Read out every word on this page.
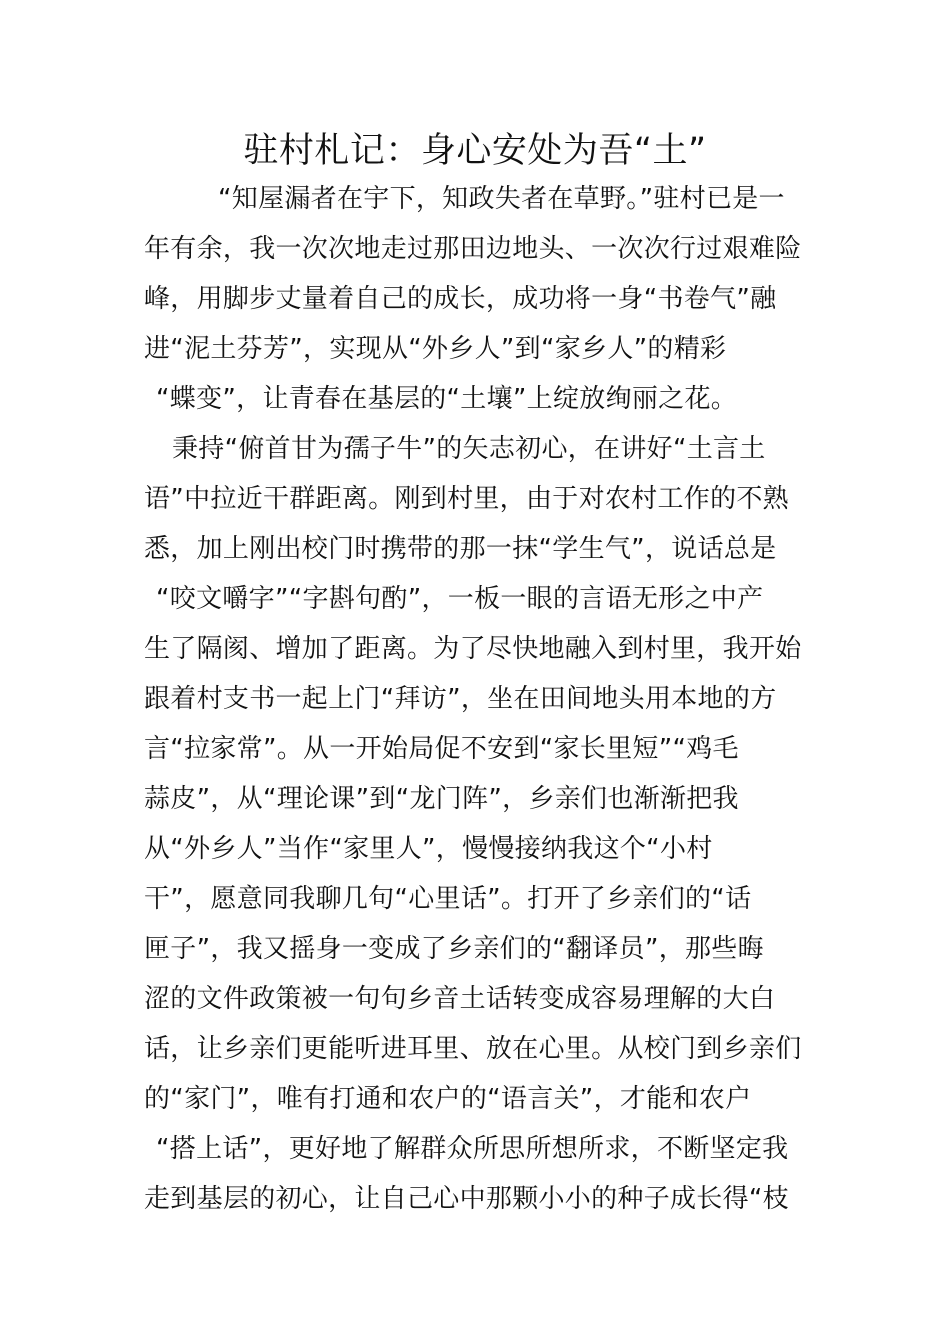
驻村札记：身心安处为吾“土”
“知屋漏者在宇下，知政失者在草野。”驻村已是一
年有余，我一次次地走过那田边地头、一次次行过艰难险
峰，用脚步丈量着自己的成长，成功将一身“书卷气”融
进“泥土芬芳”，实现从“外乡人”到“家乡人”的精彩
“蝶变”，让青春在基层的“土壤”上绽放绚丽之花。
秉持“俯首甘为孺子牛”的矢志初心，在讲好“土言土
语”中拉近干群距离。刚到村里，由于对农村工作的不熟
悉，加上刚出校门时携带的那一抹“学生气”，说话总是
“咬文嚼字”“字斟句酌”，一板一眼的言语无形之中产
生了隔阂、增加了距离。为了尽快地融入到村里，我开始
跟着村支书一起上门“拜访”，坐在田间地头用本地的方
言“拉家常”。从一开始局促不安到“家长里短”“鸡毛
蒜皮”，从“理论课”到“龙门阵”，乡亲们也渐渐把我
从“外乡人”当作“家里人”，慢慢接纳我这个“小村
干”，愿意同我聊几句“心里话”。打开了乡亲们的“话
匣子”，我又摇身一变成了乡亲们的“翻译员”，那些晦
涩的文件政策被一句句乡音土话转变成容易理解的大白
话，让乡亲们更能听进耳里、放在心里。从校门到乡亲们
的“家门”，唯有打通和农户的“语言关”，才能和农户
“搭上话”，更好地了解群众所思所想所求，不断坚定我
走到基层的初心，让自己心中那颗小小的种子成长得“枝
